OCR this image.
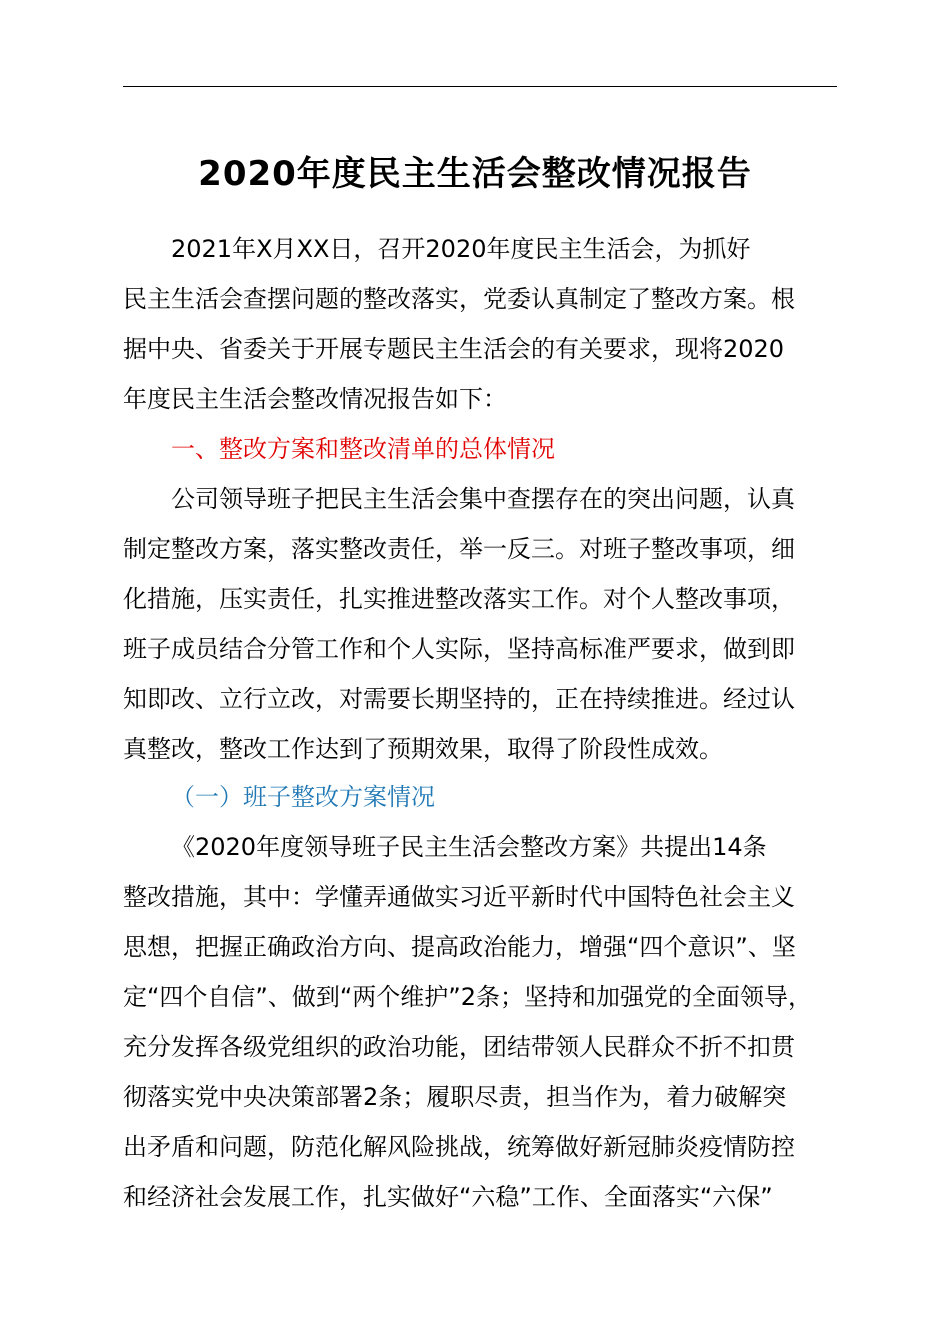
2020年度民主生活会整改情况报告
2021年X月XX日，召开2020年度民主生活会，为抓好
民主生活会查摆问题的整改落实，党委认真制定了整改方案。根
据中央、省委关于开展专题民主生活会的有关要求，现将2020
年度民主生活会整改情况报告如下：
一、整改方案和整改清单的总体情况
公司领导班子把民主生活会集中查摆存在的突出问题，认真
制定整改方案，落实整改责任，举一反三。对班子整改事项，细
化措施，压实责任，扎实推进整改落实工作。对个人整改事项，
班子成员结合分管工作和个人实际，坚持高标准严要求，做到即
知即改、立行立改，对需要长期坚持的，正在持续推进。经过认
真整改，整改工作达到了预期效果，取得了阶段性成效。
（一）班子整改方案情况
《2020年度领导班子民主生活会整改方案》共提出14条
整改措施，其中：学懂弄通做实习近平新时代中国特色社会主义
思想，把握正确政治方向、提高政治能力，增强“四个意识”、坚
定“四个自信”、做到“两个维护”2条；坚持和加强党的全面领导，
充分发挥各级党组织的政治功能，团结带领人民群众不折不扣贯
彻落实党中央决策部署2条；履职尽责，担当作为，着力破解突
出矛盾和问题，防范化解风险挑战，统筹做好新冠肺炎疫情防控
和经济社会发展工作，扎实做好“六稳”工作、全面落实“六保”
